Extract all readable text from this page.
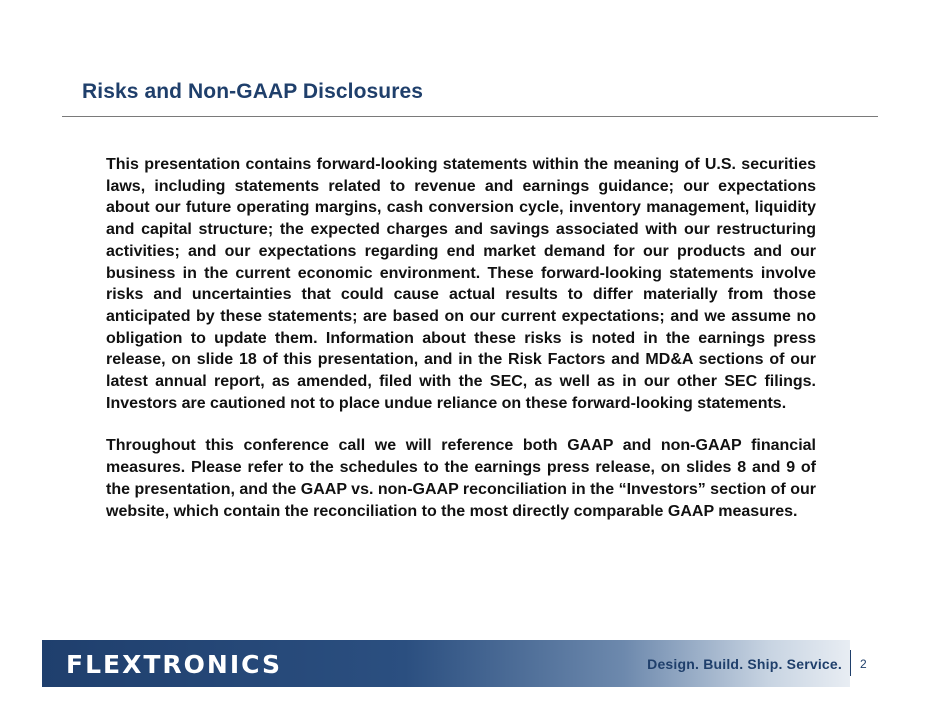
Risks and Non-GAAP Disclosures

This presentation contains forward-looking statements within the meaning of U.S. securities laws, including statements related to revenue and earnings guidance; our expectations about our future operating margins, cash conversion cycle, inventory management, liquidity and capital structure; the expected charges and savings associated with our restructuring activities; and our expectations regarding end market demand for our products and our business in the current economic environment. These forward-looking statements involve risks and uncertainties that could cause actual results to differ materially from those anticipated by these statements; are based on our current expectations; and we assume no obligation to update them. Information about these risks is noted in the earnings press release, on slide 18 of this presentation, and in the Risk Factors and MD&A sections of our latest annual report, as amended, filed with the SEC, as well as in our other SEC filings. Investors are cautioned not to place undue reliance on these forward-looking statements.

Throughout this conference call we will reference both GAAP and non-GAAP financial measures. Please refer to the schedules to the earnings press release, on slides 8 and 9 of the presentation, and the GAAP vs. non-GAAP reconciliation in the “Investors” section of our website, which contain the reconciliation to the most directly comparable GAAP measures.

FLEXTRONICS	Design. Build. Ship. Service. 2
